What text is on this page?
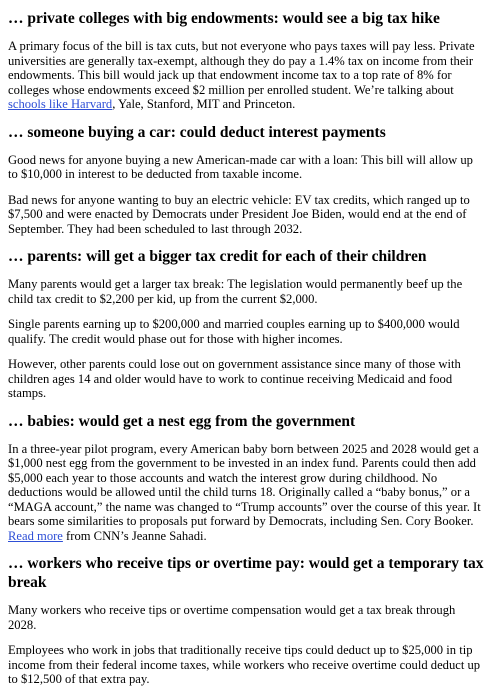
… private colleges with big endowments: would see a big tax hike

A primary focus of the bill is tax cuts, but not everyone who pays taxes will pay less. Private universities are generally tax-exempt, although they do pay a 1.4% tax on income from their endowments. This bill would jack up that endowment income tax to a top rate of 8% for colleges whose endowments exceed $2 million per enrolled student. We’re talking about schools like Harvard, Yale, Stanford, MIT and Princeton.

… someone buying a car: could deduct interest payments

Good news for anyone buying a new American-made car with a loan: This bill will allow up to $10,000 in interest to be deducted from taxable income.

Bad news for anyone wanting to buy an electric vehicle: EV tax credits, which ranged up to $7,500 and were enacted by Democrats under President Joe Biden, would end at the end of September. They had been scheduled to last through 2032.

… parents: will get a bigger tax credit for each of their children

Many parents would get a larger tax break: The legislation would permanently beef up the child tax credit to $2,200 per kid, up from the current $2,000.

Single parents earning up to $200,000 and married couples earning up to $400,000 would qualify. The credit would phase out for those with higher incomes.

However, other parents could lose out on government assistance since many of those with children ages 14 and older would have to work to continue receiving Medicaid and food stamps.

… babies: would get a nest egg from the government

In a three-year pilot program, every American baby born between 2025 and 2028 would get a $1,000 nest egg from the government to be invested in an index fund. Parents could then add $5,000 each year to those accounts and watch the interest grow during childhood. No deductions would be allowed until the child turns 18. Originally called a “baby bonus,” or a “MAGA account,” the name was changed to “Trump accounts” over the course of this year. It bears some similarities to proposals put forward by Democrats, including Sen. Cory Booker. Read more from CNN’s Jeanne Sahadi.

… workers who receive tips or overtime pay: would get a temporary tax break

Many workers who receive tips or overtime compensation would get a tax break through 2028.

Employees who work in jobs that traditionally receive tips could deduct up to $25,000 in tip income from their federal income taxes, while workers who receive overtime could deduct up to $12,500 of that extra pay.
